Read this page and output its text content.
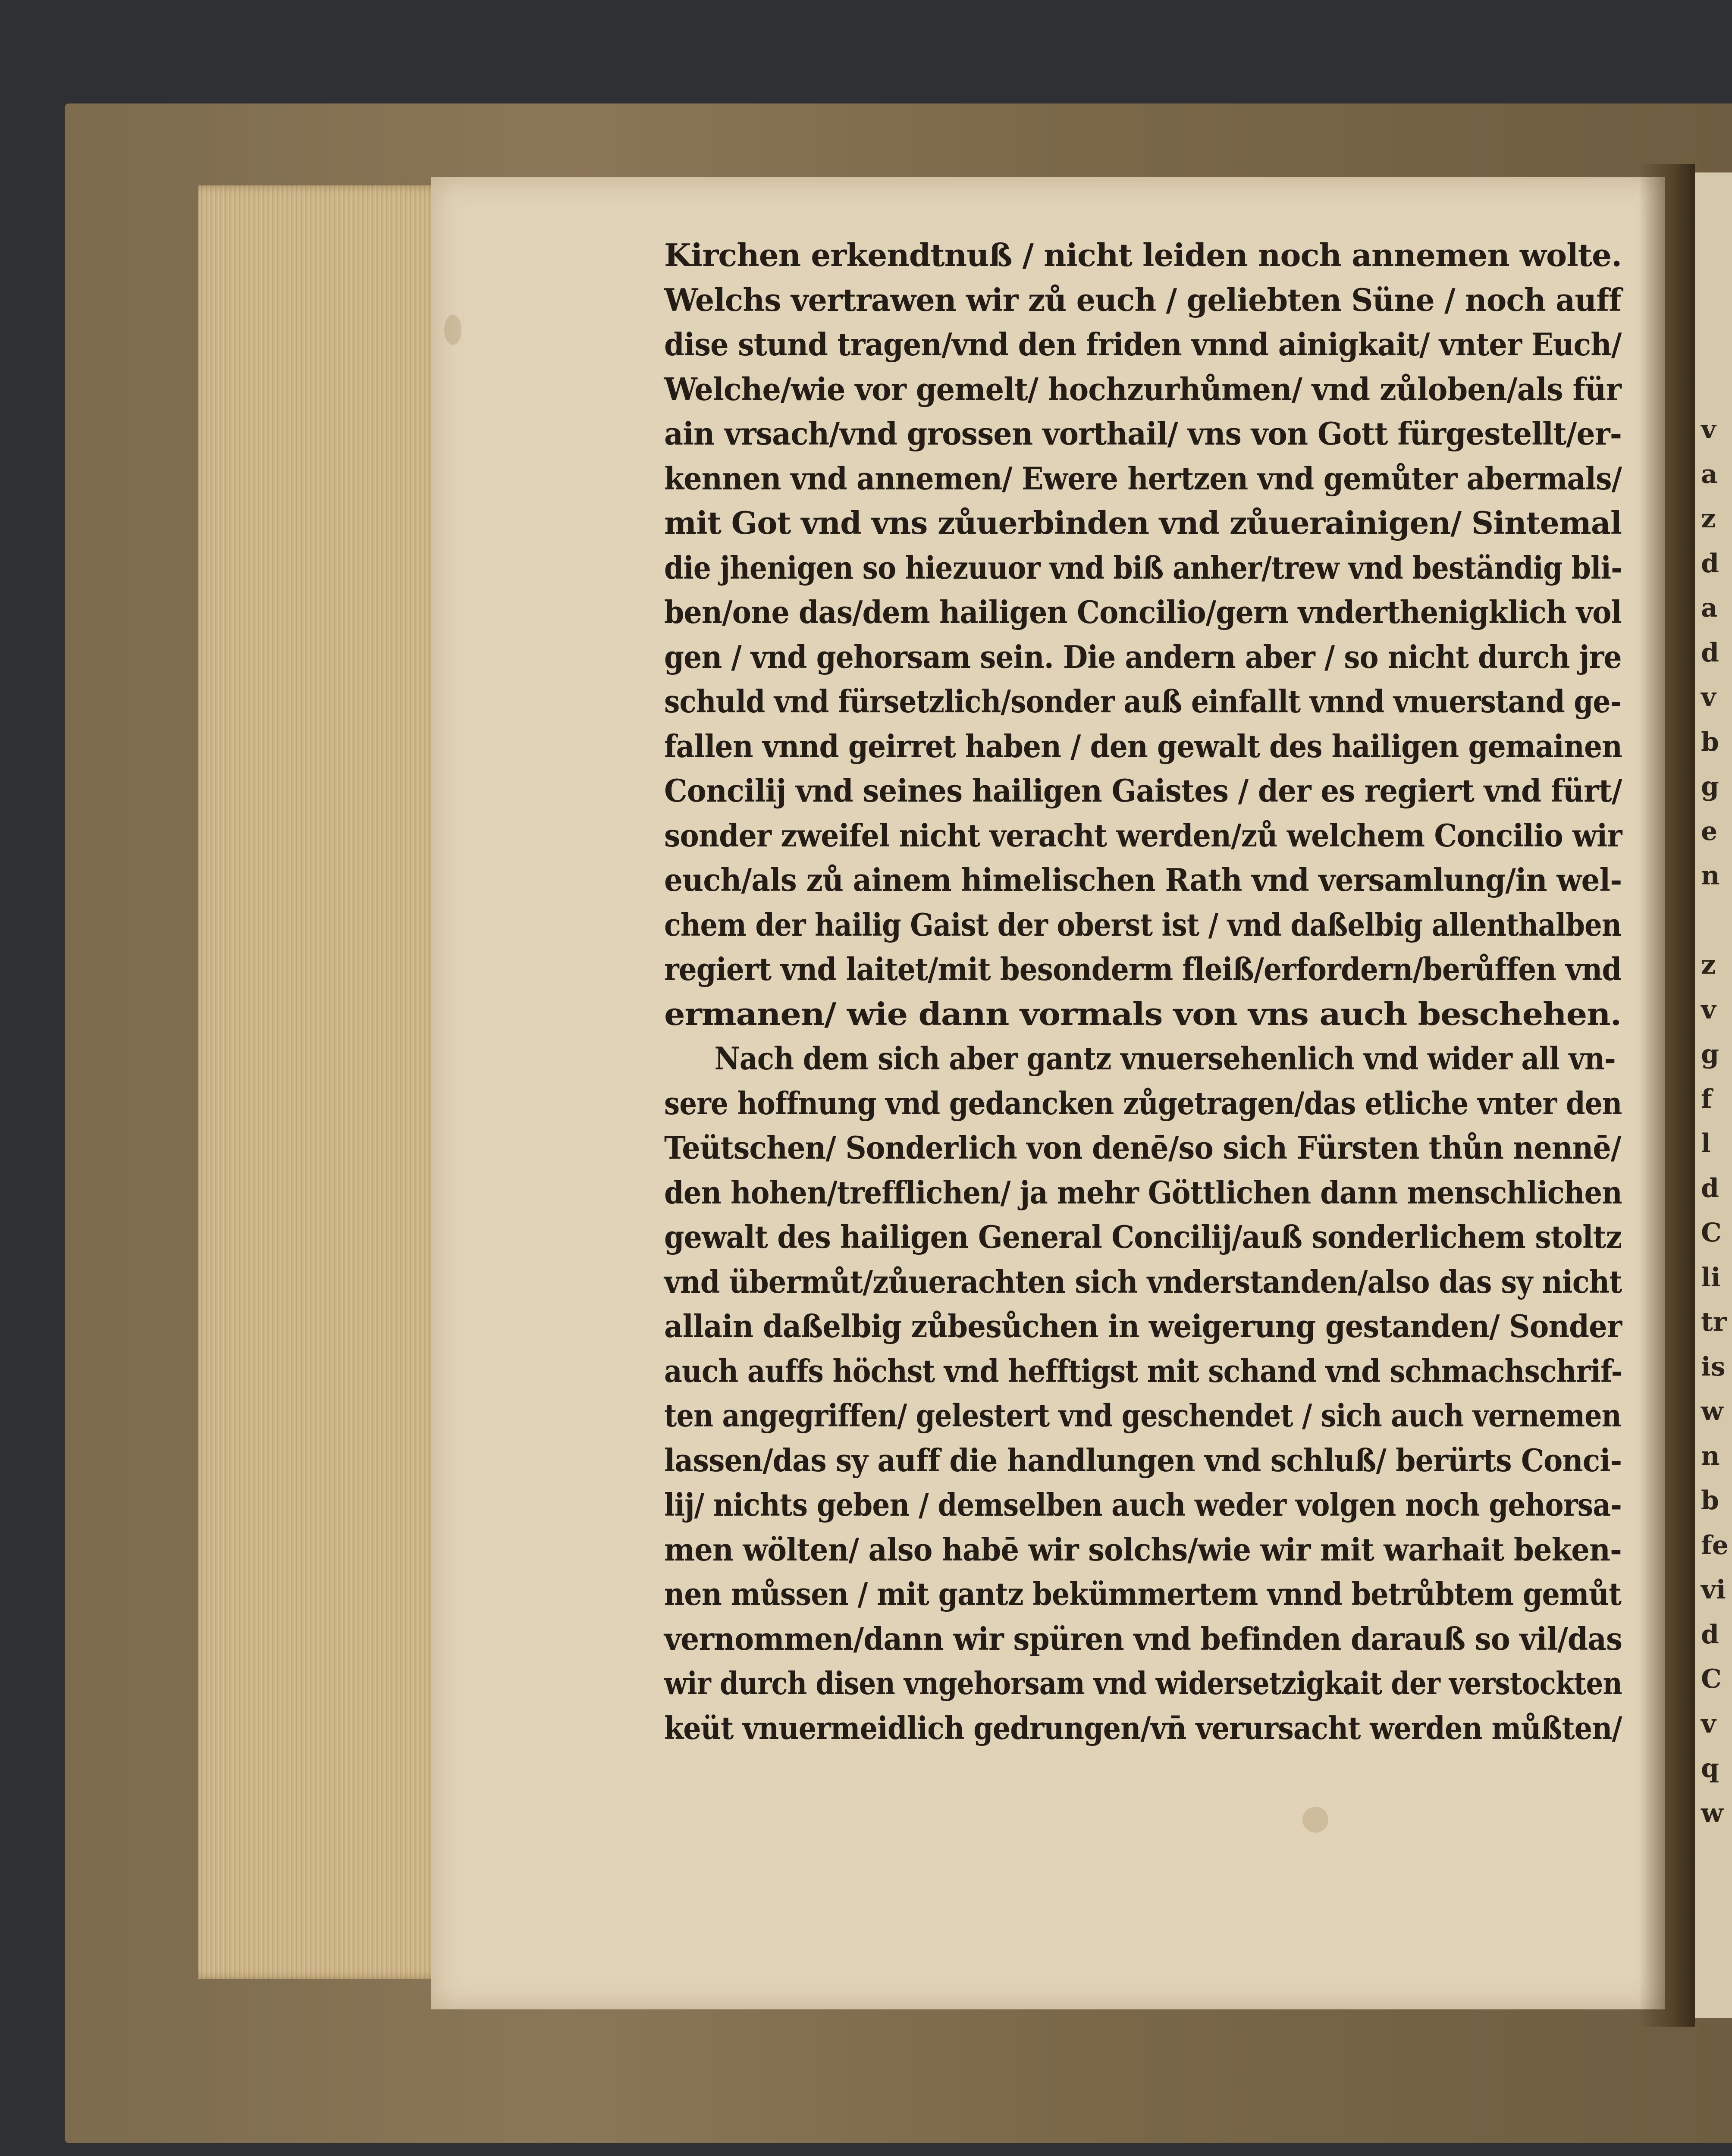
v
a
z
d
a
d
v
b
g
e
n
z
v
g
f
l
d
C
li
tr
is
w
n
b
fe
vi
d
C
v
q
w
Kirchen erkendtnuß / nicht leiden noch annemen wolte.
Welchs vertrawen wir zů euch / geliebten Süne / noch auff
dise stund tragen/vnd den friden vnnd ainigkait/ vnter Euch/
Welche/wie vor gemelt/ hochzurhůmen/ vnd zůloben/als für
ain vrsach/vnd grossen vorthail/ vns von Gott fürgestellt/er-
kennen vnd annemen/ Ewere hertzen vnd gemůter abermals/
mit Got vnd vns zůuerbinden vnd zůuerainigen/ Sintemal
die jhenigen so hiezuuor vnd biß anher/trew vnd beständig bli-
ben/one das/dem hailigen Concilio/gern vnderthenigklich vol
gen / vnd gehorsam sein. Die andern aber / so nicht durch jre
schuld vnd fürsetzlich/sonder auß einfallt vnnd vnuerstand ge-
fallen vnnd geirret haben / den gewalt des hailigen gemainen
Concilij vnd seines hailigen Gaistes / der es regiert vnd fürt/
sonder zweifel nicht veracht werden/zů welchem Concilio wir
euch/als zů ainem himelischen Rath vnd versamlung/in wel-
chem der hailig Gaist der oberst ist / vnd daßelbig allenthalben
regiert vnd laitet/mit besonderm fleiß/erfordern/berůffen vnd
ermanen/ wie dann vormals von vns auch beschehen.
Nach dem sich aber gantz vnuersehenlich vnd wider all vn-
sere hoffnung vnd gedancken zůgetragen/das etliche vnter den
Teütschen/ Sonderlich von denē/so sich Fürsten thůn nennē/
den hohen/trefflichen/ ja mehr Göttlichen dann menschlichen
gewalt des hailigen General Concilij/auß sonderlichem stoltz
vnd übermůt/zůuerachten sich vnderstanden/also das sy nicht
allain daßelbig zůbesůchen in weigerung gestanden/ Sonder
auch auffs höchst vnd hefftigst mit schand vnd schmachschrif-
ten angegriffen/ gelestert vnd geschendet / sich auch vernemen
lassen/das sy auff die handlungen vnd schluß/ berürts Conci-
lij/ nichts geben / demselben auch weder volgen noch gehorsa-
men wölten/ also habē wir solchs/wie wir mit warhait beken-
nen můssen / mit gantz bekümmertem vnnd betrůbtem gemůt
vernommen/dann wir spüren vnd befinden darauß so vil/das
wir durch disen vngehorsam vnd widersetzigkait der verstockten
keüt vnuermeidlich gedrungen/vn̄ verursacht werden můßten/
